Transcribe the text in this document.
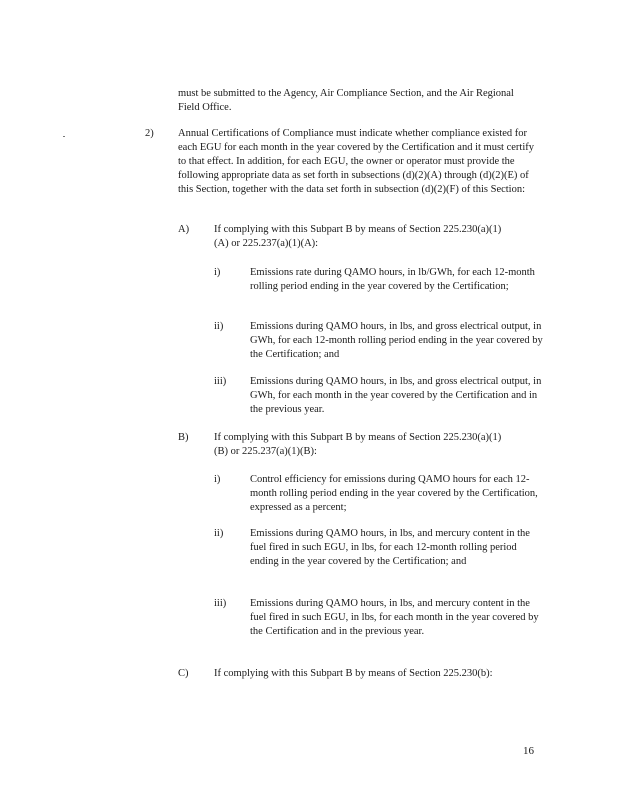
must be submitted to the Agency, Air Compliance Section, and the Air Regional Field Office.

2) Annual Certifications of Compliance must indicate whether compliance existed for each EGU for each month in the year covered by the Certification and it must certify to that effect. In addition, for each EGU, the owner or operator must provide the following appropriate data as set forth in subsections (d)(2)(A) through (d)(2)(E) of this Section, together with the data set forth in subsection (d)(2)(F) of this Section:

A) If complying with this Subpart B by means of Section 225.230(a)(1)(A) or 225.237(a)(1)(A):

i)	Emissions rate during QAMO hours, in lb/GWh, for each 12-month rolling period ending in the year covered by the Certification;

ii)	Emissions during QAMO hours, in lbs, and gross electrical output, in GWh, for each 12-month rolling period ending in the year covered by the Certification; and

iii) Emissions during QAMO hours, in lbs, and gross electrical output, in GWh, for each month in the year covered by the Certification and in the previous year.

B) If complying with this Subpart B by means of Section 225.230(a)(1)(B) or 225.237(a)(1)(B):

i)	Control efficiency for emissions during QAMO hours for each 12-month rolling period ending in the year covered by the Certification, expressed as a percent;

ii)	Emissions during QAMO hours, in lbs, and mercury content in the fuel fired in such EGU, in lbs, for each 12-month rolling period ending in the year covered by the Certification; and

iii) Emissions during QAMO hours, in lbs, and mercury content in the fuel fired in such EGU, in lbs, for each month in the year covered by the Certification and in the previous year.

C) If complying with this Subpart B by means of Section 225.230(b):

16
